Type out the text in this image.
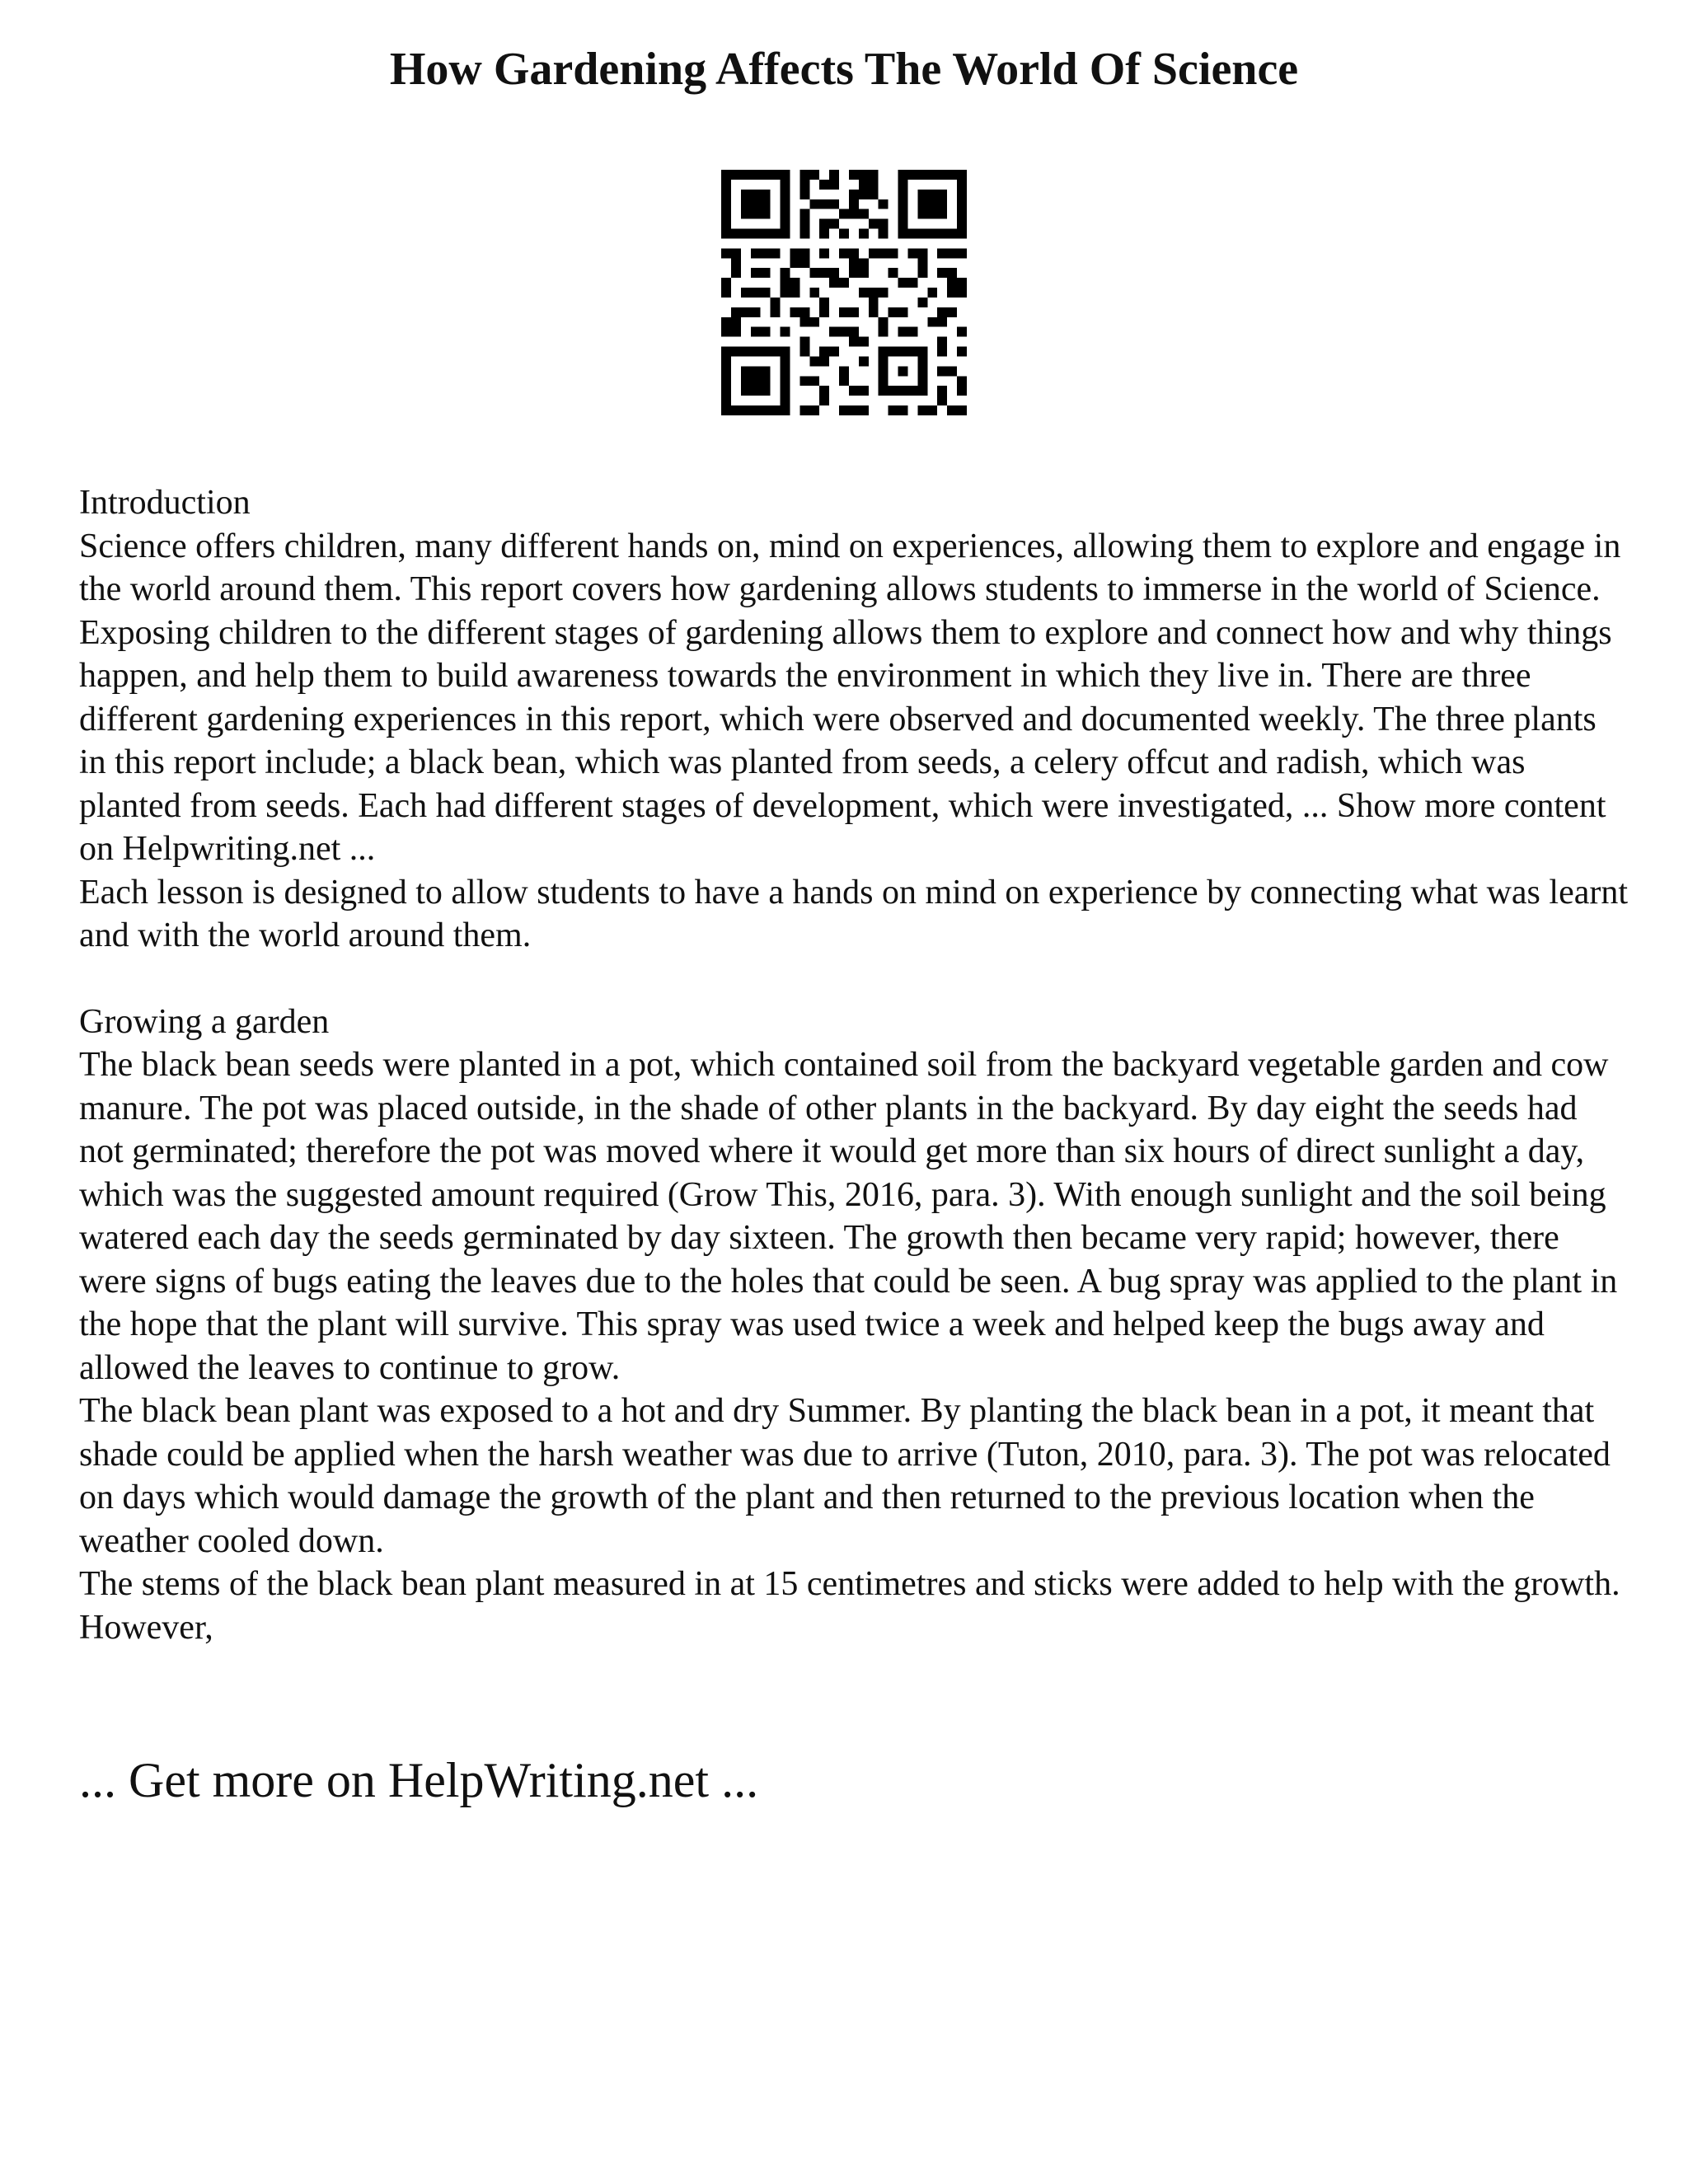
How Gardening Affects The World Of Science

Introduction

Science offers children, many different hands on, mind on experiences, allowing them to explore and engage in the world around them. This report covers how gardening allows students to immerse in the world of Science. Exposing children to the different stages of gardening allows them to explore and connect how and why things happen, and help them to build awareness towards the environment in which they live in. There are three different gardening experiences in this report, which were observed and documented weekly. The three plants in this report include; a black bean, which was planted from seeds, a celery offcut and radish, which was planted from seeds. Each had different stages of development, which were investigated, ... Show more content on Helpwriting.net ...

Each lesson is designed to allow students to have a hands on mind on experience by connecting what was learnt and with the world around them.

Growing a garden

The black bean seeds were planted in a pot, which contained soil from the backyard vegetable garden and cow manure. The pot was placed outside, in the shade of other plants in the backyard. By day eight the seeds had not germinated; therefore the pot was moved where it would get more than six hours of direct sunlight a day, which was the suggested amount required (Grow This, 2016, para. 3). With enough sunlight and the soil being watered each day the seeds germinated by day sixteen. The growth then became very rapid; however, there were signs of bugs eating the leaves due to the holes that could be seen. A bug spray was applied to the plant in the hope that the plant will survive. This spray was used twice a week and helped keep the bugs away and allowed the leaves to continue to grow.

The black bean plant was exposed to a hot and dry Summer. By planting the black bean in a pot, it meant that shade could be applied when the harsh weather was due to arrive (Tuton, 2010, para. 3). The pot was relocated on days which would damage the growth of the plant and then returned to the previous location when the weather cooled down.

The stems of the black bean plant measured in at 15 centimetres and sticks were added to help with the growth. However,

... Get more on HelpWriting.net ...
